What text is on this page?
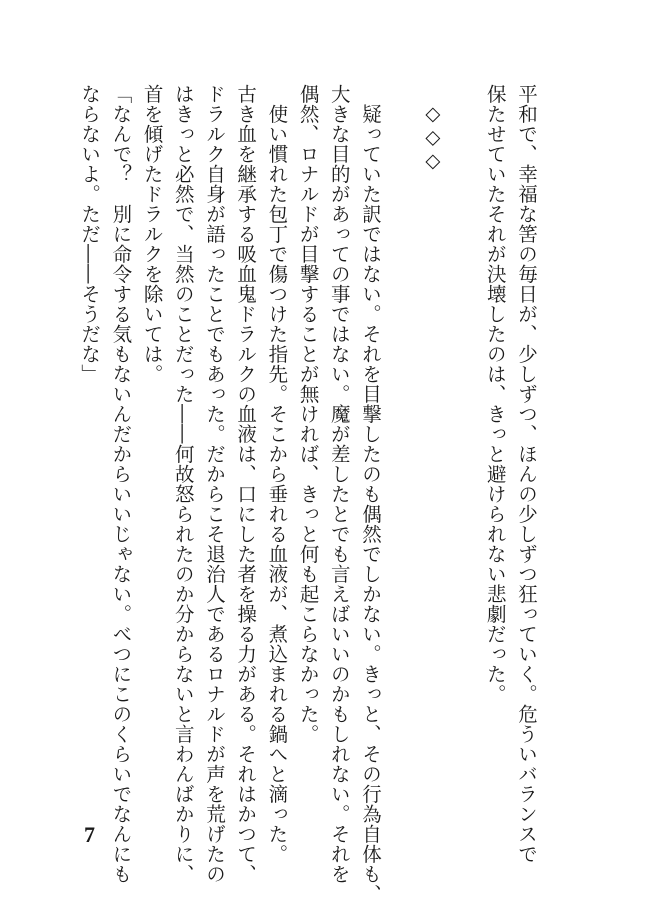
平和で、幸福な筈の毎日が、少しずつ、ほんの少しずつ狂っていく。危ういバランスで
保たせていたそれが決壊したのは、きっと避けられない悲劇だった。
◇◇◇
疑っていた訳ではない。それを目撃したのも偶然でしかない。きっと、その行為自体も、
大きな目的があっての事ではない。魔が差したとでも言えばいいのかもしれない。それを
偶然、ロナルドが目撃することが無ければ、きっと何も起こらなかった。
使い慣れた包丁で傷つけた指先。そこから垂れる血液が、煮込まれる鍋へと滴った。
古き血を継承する吸血鬼ドラルクの血液は、口にした者を操る力がある。それはかつて、
ドラルク自身が語ったことでもあった。だからこそ退治人であるロナルドが声を荒げたの
はきっと必然で、当然のことだった――何故怒られたのか分からないと言わんばかりに、
首を傾げたドラルクを除いては。
「なんで？　別に命令する気もないんだからいいじゃない。べつにこのくらいでなんにも
ならないよ。ただ――そうだな」
7
